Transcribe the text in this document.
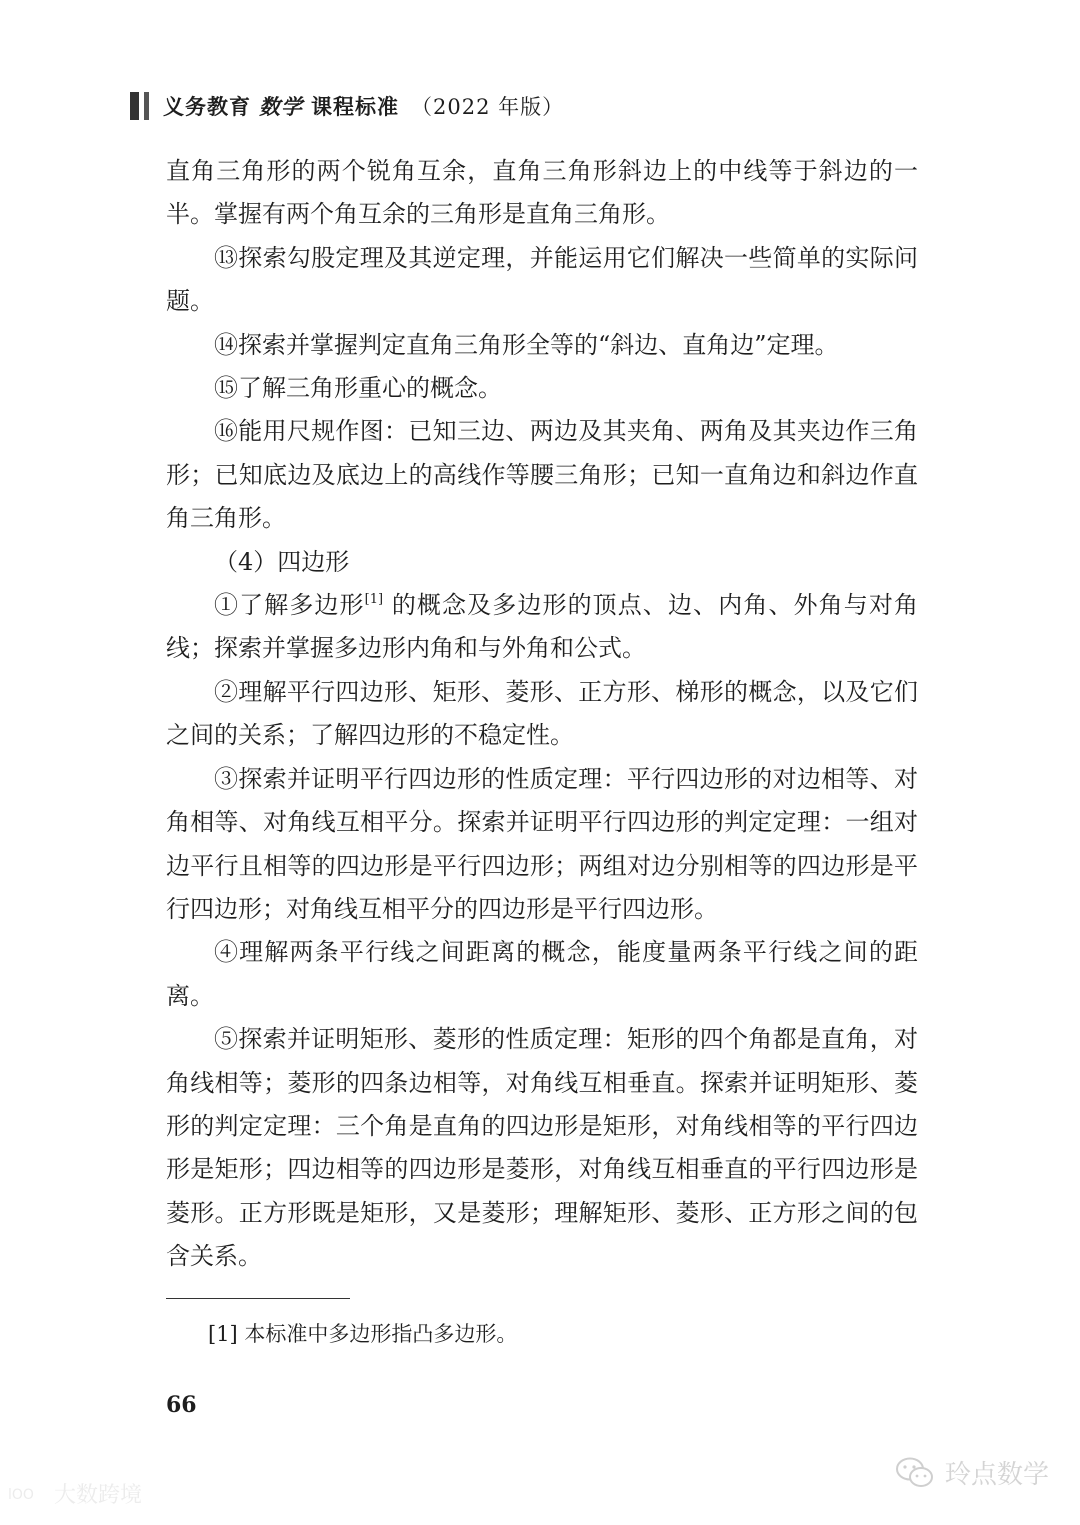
义务教育 数学 课程标准 （2022 年版）

直角三角形的两个锐角互余，直角三角形斜边上的中线等于斜边的一半。掌握有两个角互余的三角形是直角三角形。

⑬探索勾股定理及其逆定理，并能运用它们解决一些简单的实际问题。

⑭探索并掌握判定直角三角形全等的“斜边、直角边”定理。

⑮了解三角形重心的概念。

⑯能用尺规作图：已知三边、两边及其夹角、两角及其夹边作三角形；已知底边及底边上的高线作等腰三角形；已知一直角边和斜边作直角三角形。

（4）四边形

①了解多边形[1] 的概念及多边形的顶点、边、内角、外角与对角线；探索并掌握多边形内角和与外角和公式。

②理解平行四边形、矩形、菱形、正方形、梯形的概念，以及它们之间的关系；了解四边形的不稳定性。

③探索并证明平行四边形的性质定理：平行四边形的对边相等、对角相等、对角线互相平分。探索并证明平行四边形的判定定理：一组对边平行且相等的四边形是平行四边形；两组对边分别相等的四边形是平行四边形；对角线互相平分的四边形是平行四边形。

④理解两条平行线之间距离的概念，能度量两条平行线之间的距离。

⑤探索并证明矩形、菱形的性质定理：矩形的四个角都是直角，对角线相等；菱形的四条边相等，对角线互相垂直。探索并证明矩形、菱形的判定定理：三个角是直角的四边形是矩形，对角线相等的平行四边形是矩形；四边相等的四边形是菱形，对角线互相垂直的平行四边形是菱形。正方形既是矩形，又是菱形；理解矩形、菱形、正方形之间的包含关系。

[1] 本标准中多边形指凸多边形。
66
lOO 大数跨境
玲点数学
